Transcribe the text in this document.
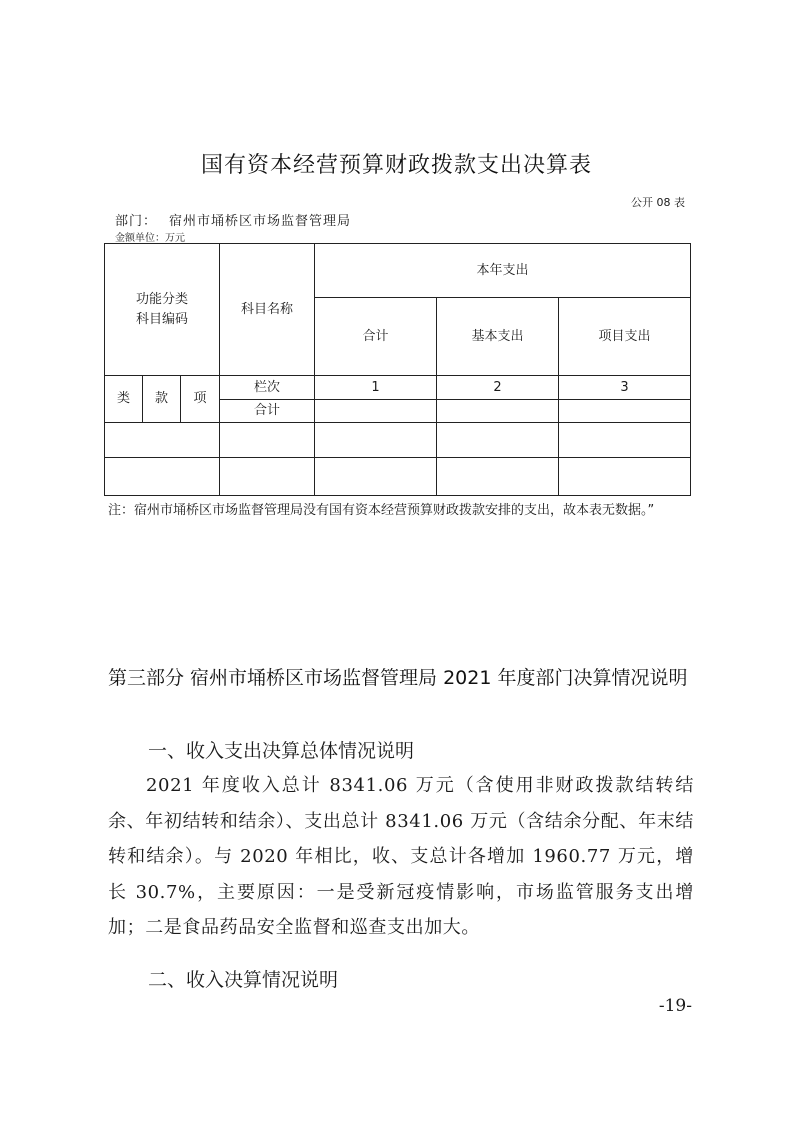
国有资本经营预算财政拨款支出决算表
公开 08 表
部门： 宿州市埇桥区市场监督管理局
金额单位：万元
功能分类
科目编码			科目名称	本年支出		
				合计	基本支出	项目支出

类	款	项	栏次	1	2	3
			合计			

注：宿州市埇桥区市场监督管理局没有国有资本经营预算财政拨款安排的支出，故本表无数据。”
第三部分 宿州市埇桥区市场监督管理局 2021 年度部门决算情况说明
一、收入支出决算总体情况说明
2021 年度收入总计 8341.06 万元（含使用非财政拨款结转结余、年初结转和结余）、支出总计 8341.06 万元（含结余分配、年末结转和结余）。与 2020 年相比，收、支总计各增加 1960.77 万元，增长 30.7%，主要原因：一是受新冠疫情影响，市场监管服务支出增加；二是食品药品安全监督和巡查支出加大。
二、收入决算情况说明
-19-
